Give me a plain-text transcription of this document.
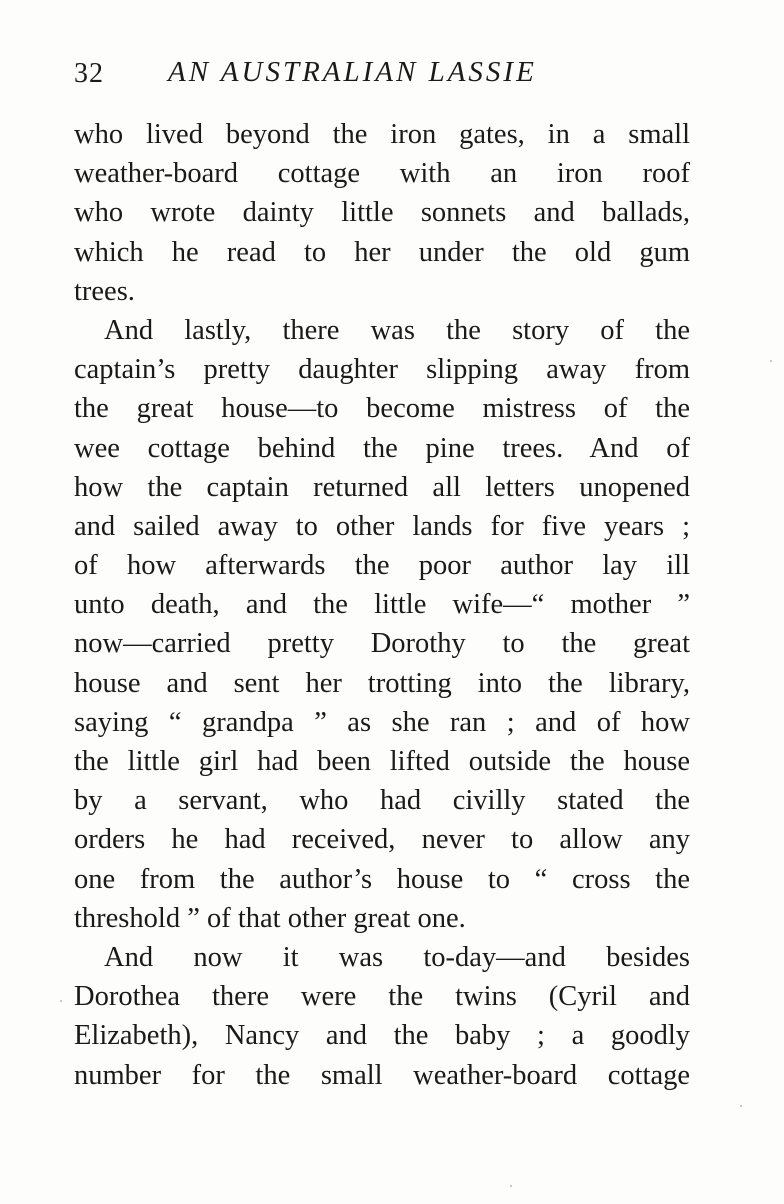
32 AN AUSTRALIAN LASSIE
who lived beyond the iron gates, in a small
weather-board cottage with an iron roof
who wrote dainty little sonnets and ballads,
which he read to her under the old gum
trees.
And lastly, there was the story of the
captain’s pretty daughter slipping away from
the great house—to become mistress of the
wee cottage behind the pine trees. And of
how the captain returned all letters unopened
and sailed away to other lands for five years ;
of how afterwards the poor author lay ill
unto death, and the little wife—“ mother ”
now—carried pretty Dorothy to the great
house and sent her trotting into the library,
saying “ grandpa ” as she ran ; and of how
the little girl had been lifted outside the house
by a servant, who had civilly stated the
orders he had received, never to allow any
one from the author’s house to “ cross the
threshold ” of that other great one.
And now it was to-day—and besides
Dorothea there were the twins (Cyril and
Elizabeth), Nancy and the baby ; a goodly
number for the small weather-board cottage
